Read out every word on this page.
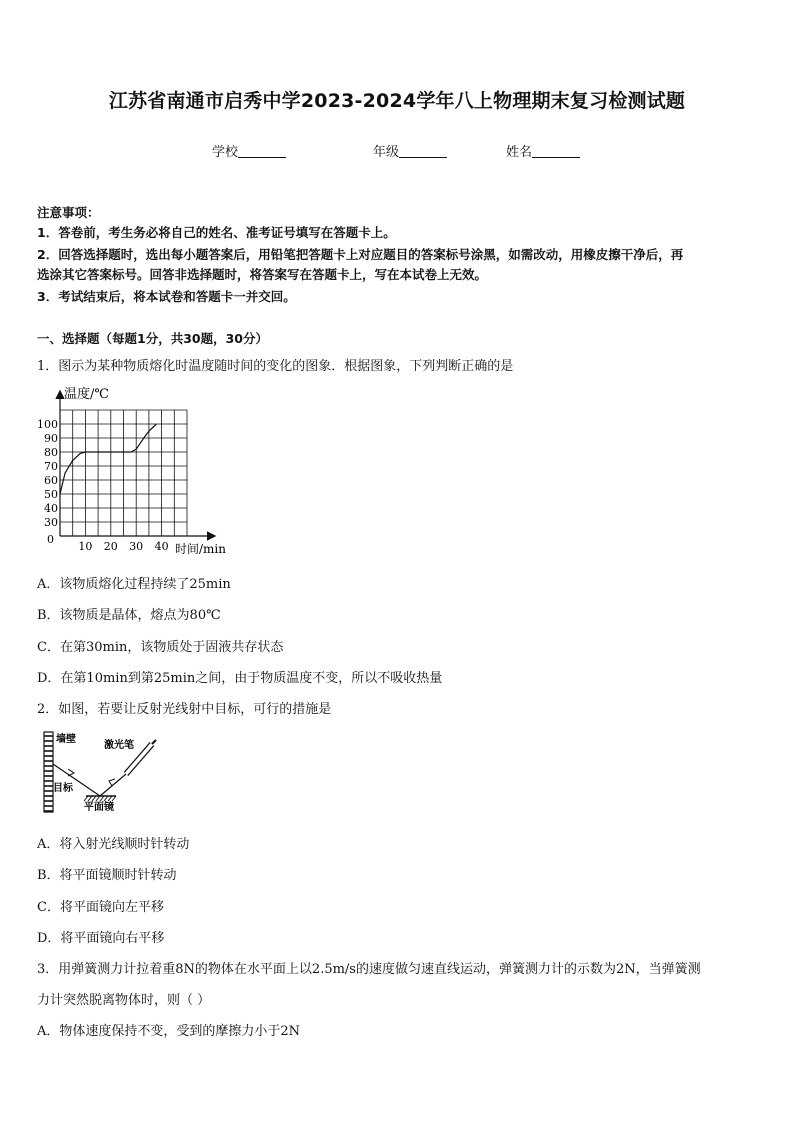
江苏省南通市启秀中学2023-2024学年八上物理期末复习检测试题
学校	年级	姓名
注意事项：
1．答卷前，考生务必将自己的姓名、准考证号填写在答题卡上。
2．回答选择题时，选出每小题答案后，用铅笔把答题卡上对应题目的答案标号涂黑，如需改动，用橡皮擦干净后，再
选涂其它答案标号。回答非选择题时，将答案写在答题卡上，写在本试卷上无效。
3．考试结束后，将本试卷和答题卡一并交回。
一、选择题（每题1分，共30题，30分）
1．图示为某种物质熔化时温度随时间的变化的图象．根据图象，下列判断正确的是
温度/℃
时间/min
30
40
50
60
70
80
90
100
0
10 20 30 40
A．该物质熔化过程持续了25min
B．该物质是晶体，熔点为80℃
C．在第30min，该物质处于固液共存状态
D．在第10min到第25min之间，由于物质温度不变，所以不吸收热量
2．如图，若要让反射光线射中目标，可行的措施是
墙壁
激光笔
目标
平面镜
A．将入射光线顺时针转动
B．将平面镜顺时针转动
C．将平面镜向左平移
D．将平面镜向右平移
3．用弹簧测力计拉着重8N的物体在水平面上以2.5m/s的速度做匀速直线运动，弹簧测力计的示数为2N，当弹簧测
力计突然脱离物体时，则（ ）
A．物体速度保持不变，受到的摩擦力小于2N
